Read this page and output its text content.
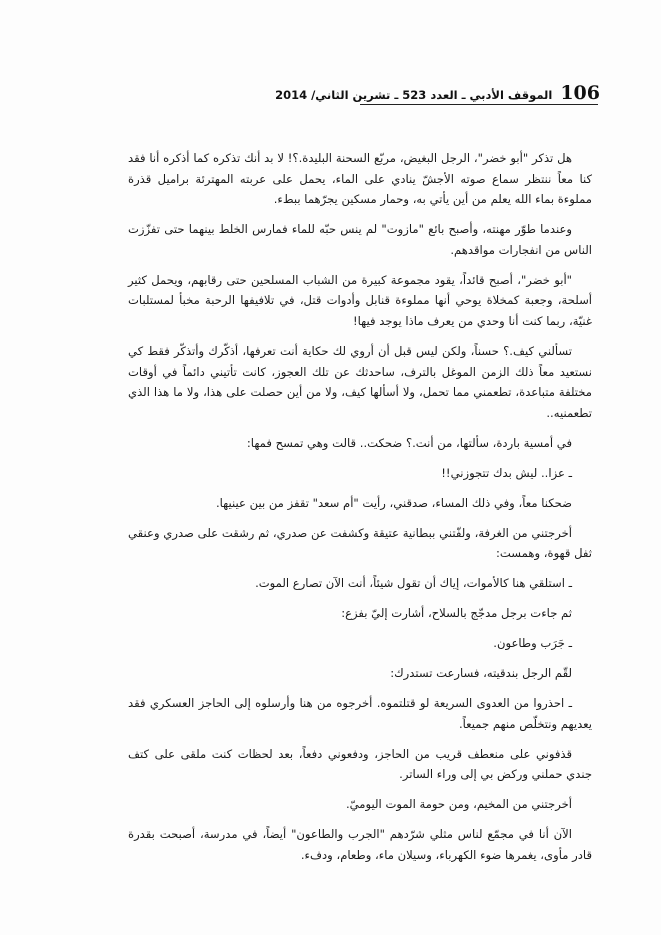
106
الموقف الأدبي ـ العدد 523 ـ تشرين الثاني/ 2014

هل تذكر "أبو خضر"، الرجل البغيض، مربّع السحنة البليدة.؟! لا بد أنك تذكره كما أذكره أنا فقد كنا معاً ننتظر سماع صوته الأجشّ ينادي على الماء، يحمل على عربته المهترئة براميل قذرة مملوءة بماء الله يعلم من أين يأتي به، وحمار مسكين يجرّهما ببطء.

وعندما طوّر مهنته، وأصبح بائع "مازوت" لم ينس حبّه للماء فمارس الخلط بينهما حتى تفزّزت الناس من انفجارات مواقدهم.

"أبو خضر"، أصبح قائداً، يقود مجموعة كبيرة من الشباب المسلحين حتى رقابهم، ويحمل كثير أسلحة، وجعبة كمخلاة يوحي أنها مملوءة قنابل وأدوات قتل، في تلافيفها الرحبة مخبأ لمستلبات غنيّة، ربما كنت أنا وحدي من يعرف ماذا يوجد فيها!

تسألني كيف.؟ حسناً، ولكن ليس قبل أن أروي لك حكاية أنت تعرفها، أذكّرك وأتذكّر فقط كي نستعيد معاً ذلك الزمن الموغل بالترف، ساحدثك عن تلك العجوز، كانت تأتيني دائماً في أوقات مختلفة متباعدة، تطعمني مما تحمل، ولا أسألها كيف، ولا من أين حصلت على هذا، ولا ما هذا الذي تطعمنيه..

في أمسية باردة، سألتها، من أنت.؟ ضحكت.. قالت وهي تمسح فمها:

ـ عزا.. ليش بدك تتجوزني!!

ضحكنا معاً، وفي ذلك المساء، صدقني، رأيت "أم سعد" تقفز من بين عينيها.

أخرجتني من الغرفة، ولفّتني ببطانية عتيقة وكشفت عن صدري، ثم رشقت على صدري وعنقي ثفل قهوة، وهمست:

ـ استلقي هنا كالأموات، إياك أن تقول شيئاً، أنت الآن تصارع الموت.

ثم جاءت برجل مدجّج بالسلاح، أشارت إليّ بفزع:

ـ جَرَب وطاعون.

لقّم الرجل بندقيته، فسارعت تستدرك:

ـ احذروا من العدوى السريعة لو قتلتموه. أخرجوه من هنا وأرسلوه إلى الحاجز العسكري فقد يعديهم ونتخلّص منهم جميعاً.

قذفوني على منعطف قريب من الحاجز، ودفعوني دفعاً، بعد لحظات كنت ملقى على كتف جندي حملني وركض بي إلى وراء الساتر.

أخرجتني من المخيم، ومن حومة الموت اليوميّ.

الآن أنا في مجمّع لناس مثلي شرّدهم "الجرب والطاعون" أيضاً، في مدرسة، أصبحت بقدرة قادر مأوى، يغمرها ضوء الكهرباء، وسيلان ماء، وطعام، ودفء.
